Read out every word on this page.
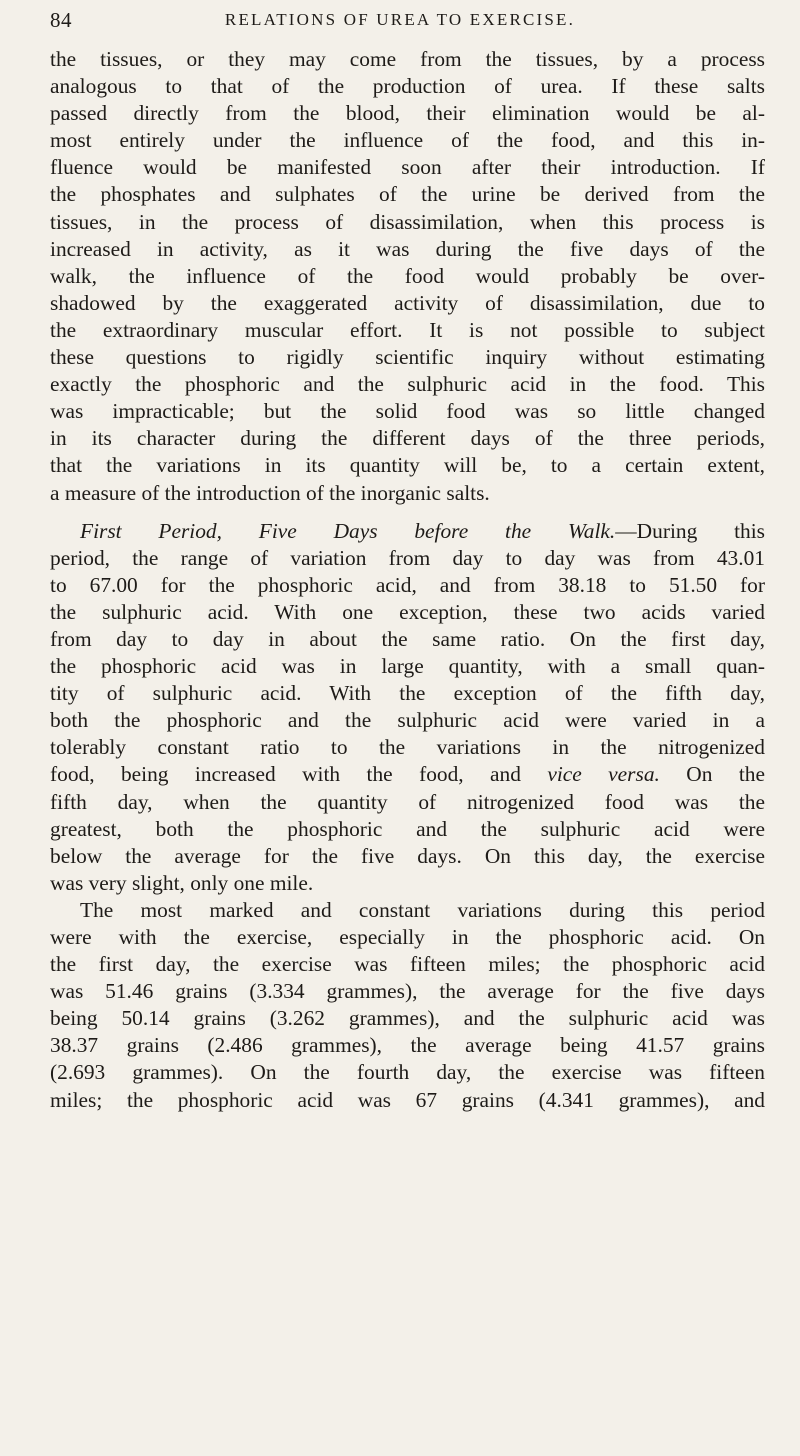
84	RELATIONS OF UREA TO EXERCISE.
the tissues, or they may come from the tissues, by a process
analogous to that of the production of urea. If these salts
passed directly from the blood, their elimination would be al-
most entirely under the influence of the food, and this in-
fluence would be manifested soon after their introduction. If
the phosphates and sulphates of the urine be derived from the
tissues, in the process of disassimilation, when this process is
increased in activity, as it was during the five days of the
walk, the influence of the food would probably be over-
shadowed by the exaggerated activity of disassimilation, due to
the extraordinary muscular effort. It is not possible to subject
these questions to rigidly scientific inquiry without estimating
exactly the phosphoric and the sulphuric acid in the food. This
was impracticable; but the solid food was so little changed
in its character during the different days of the three periods,
that the variations in its quantity will be, to a certain extent,
a measure of the introduction of the inorganic salts.
First Period, Five Days before the Walk.—During this
period, the range of variation from day to day was from 43.01
to 67.00 for the phosphoric acid, and from 38.18 to 51.50 for
the sulphuric acid. With one exception, these two acids varied
from day to day in about the same ratio. On the first day,
the phosphoric acid was in large quantity, with a small quan-
tity of sulphuric acid. With the exception of the fifth day,
both the phosphoric and the sulphuric acid were varied in a
tolerably constant ratio to the variations in the nitrogenized
food, being increased with the food, and vice versa. On the
fifth day, when the quantity of nitrogenized food was the
greatest, both the phosphoric and the sulphuric acid were
below the average for the five days. On this day, the exercise
was very slight, only one mile.
The most marked and constant variations during this period
were with the exercise, especially in the phosphoric acid. On
the first day, the exercise was fifteen miles; the phosphoric acid
was 51.46 grains (3.334 grammes), the average for the five days
being 50.14 grains (3.262 grammes), and the sulphuric acid was
38.37 grains (2.486 grammes), the average being 41.57 grains
(2.693 grammes). On the fourth day, the exercise was fifteen
miles; the phosphoric acid was 67 grains (4.341 grammes), and
